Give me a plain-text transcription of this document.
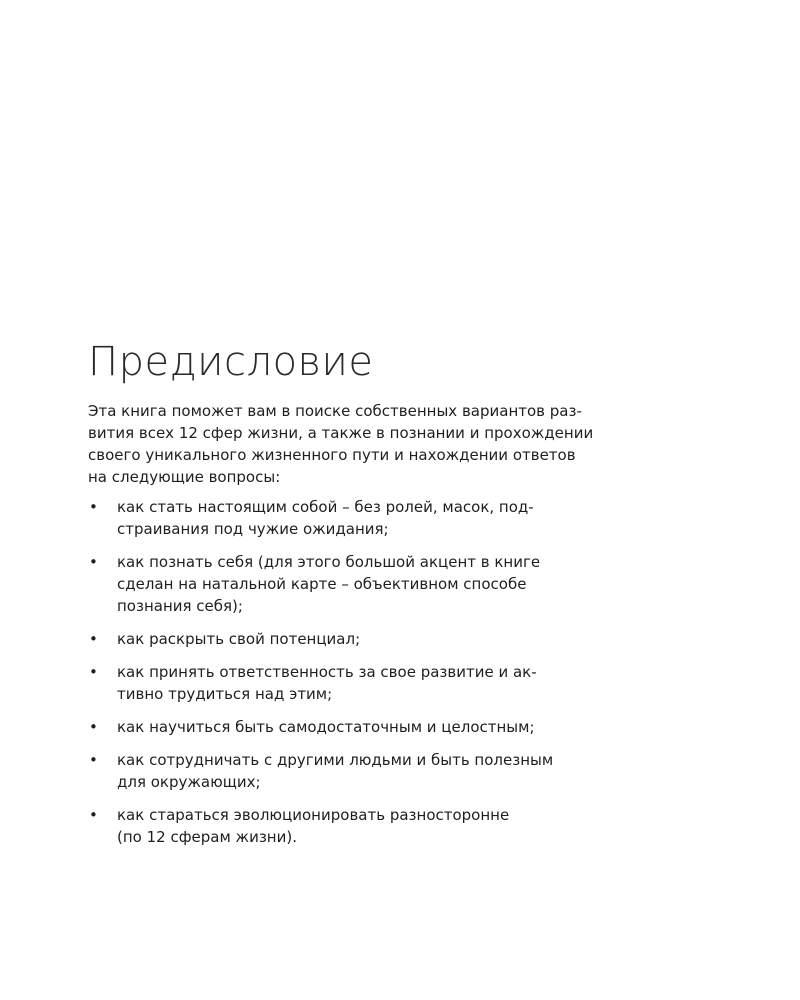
Предисловие

Эта книга поможет вам в поиске собственных вариантов раз-
вития всех 12 сфер жизни, а также в познании и прохождении
своего уникального жизненного пути и нахождении ответов
на следующие вопросы:

• как стать настоящим собой – без ролей, масок, под-
страивания под чужие ожидания;
• как познать себя (для этого большой акцент в книге
сделан на натальной карте – объективном способе
познания себя);
• как раскрыть свой потенциал;
• как принять ответственность за свое развитие и ак-
тивно трудиться над этим;
• как научиться быть самодостаточным и целостным;
• как сотрудничать с другими людьми и быть полезным
для окружающих;
• как стараться эволюционировать разносторонне
(по 12 сферам жизни).
